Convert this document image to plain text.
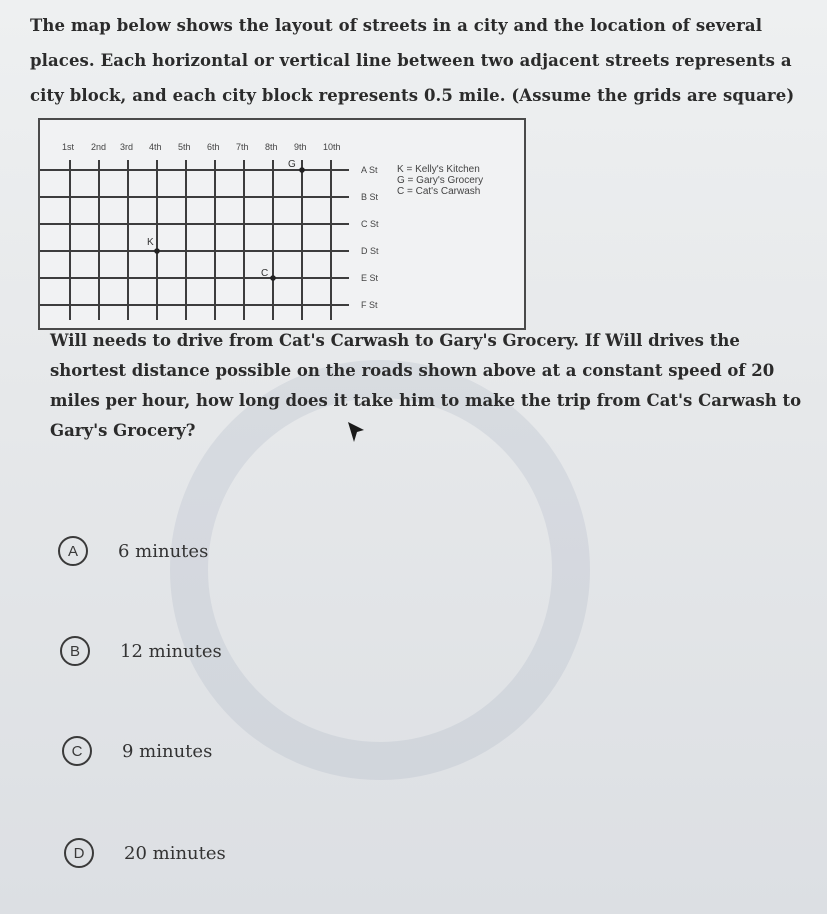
The map below shows the layout of streets in a city and the location of several places. Each horizontal or vertical line between two adjacent streets represents a city block, and each city block represents 0.5 mile. (Assume the grids are square)
1st 2nd 3rd 4th 5th 6th 7th 8th 9th 10th
A St
B St
C St
D St
E St
F St
G
K
C
K = Kelly's Kitchen
G = Gary's Grocery
C = Cat's Carwash
Will needs to drive from Cat's Carwash to Gary's Grocery. If Will drives the shortest distance possible on the roads shown above at a constant speed of 20 miles per hour, how long does it take him to make the trip from Cat's Carwash to Gary's Grocery?
A	6 minutes
B	12 minutes
C	9 minutes
D	20 minutes
